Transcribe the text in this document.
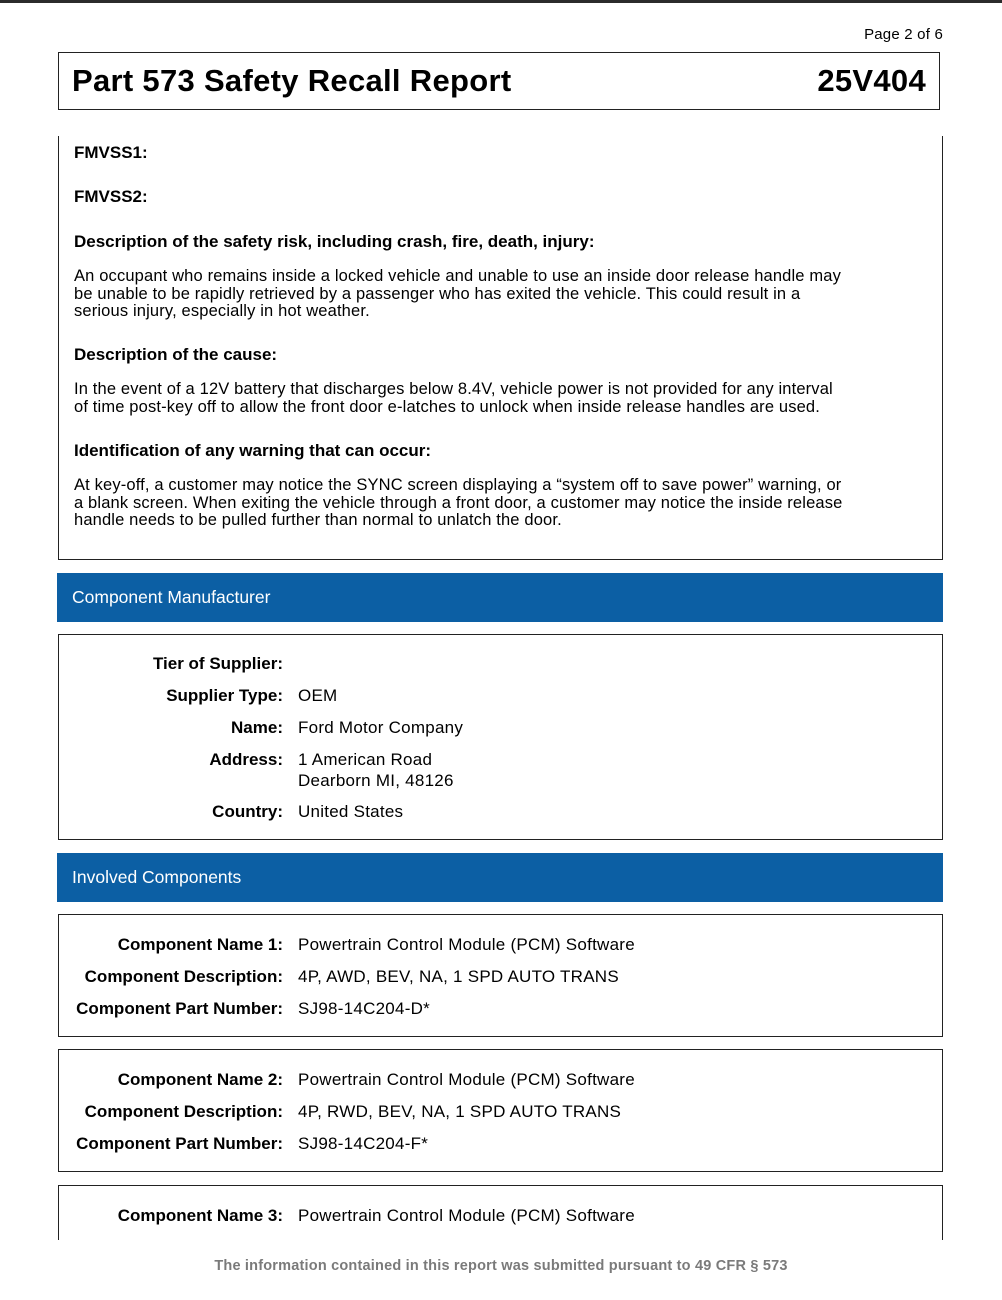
Page 2 of 6
Part 573 Safety Recall Report	25V404
FMVSS1:
FMVSS2:
Description of the safety risk, including crash, fire, death, injury:
An occupant who remains inside a locked vehicle and unable to use an inside door release handle may
be unable to be rapidly retrieved by a passenger who has exited the vehicle. This could result in a
serious injury, especially in hot weather.
Description of the cause:
In the event of a 12V battery that discharges below 8.4V, vehicle power is not provided for any interval
of time post-key off to allow the front door e-latches to unlock when inside release handles are used.
Identification of any warning that can occur:
At key-off, a customer may notice the SYNC screen displaying a “system off to save power” warning, or
a blank screen. When exiting the vehicle through a front door, a customer may notice the inside release
handle needs to be pulled further than normal to unlatch the door.
Component Manufacturer
Tier of Supplier:
Supplier Type: OEM
Name: Ford Motor Company
Address: 1 American Road
Dearborn MI, 48126
Country: United States
Involved Components
Component Name 1: Powertrain Control Module (PCM) Software
Component Description: 4P, AWD, BEV, NA, 1 SPD AUTO TRANS
Component Part Number: SJ98-14C204-D*
Component Name 2: Powertrain Control Module (PCM) Software
Component Description: 4P, RWD, BEV, NA, 1 SPD AUTO TRANS
Component Part Number: SJ98-14C204-F*
Component Name 3: Powertrain Control Module (PCM) Software
The information contained in this report was submitted pursuant to 49 CFR § 573
